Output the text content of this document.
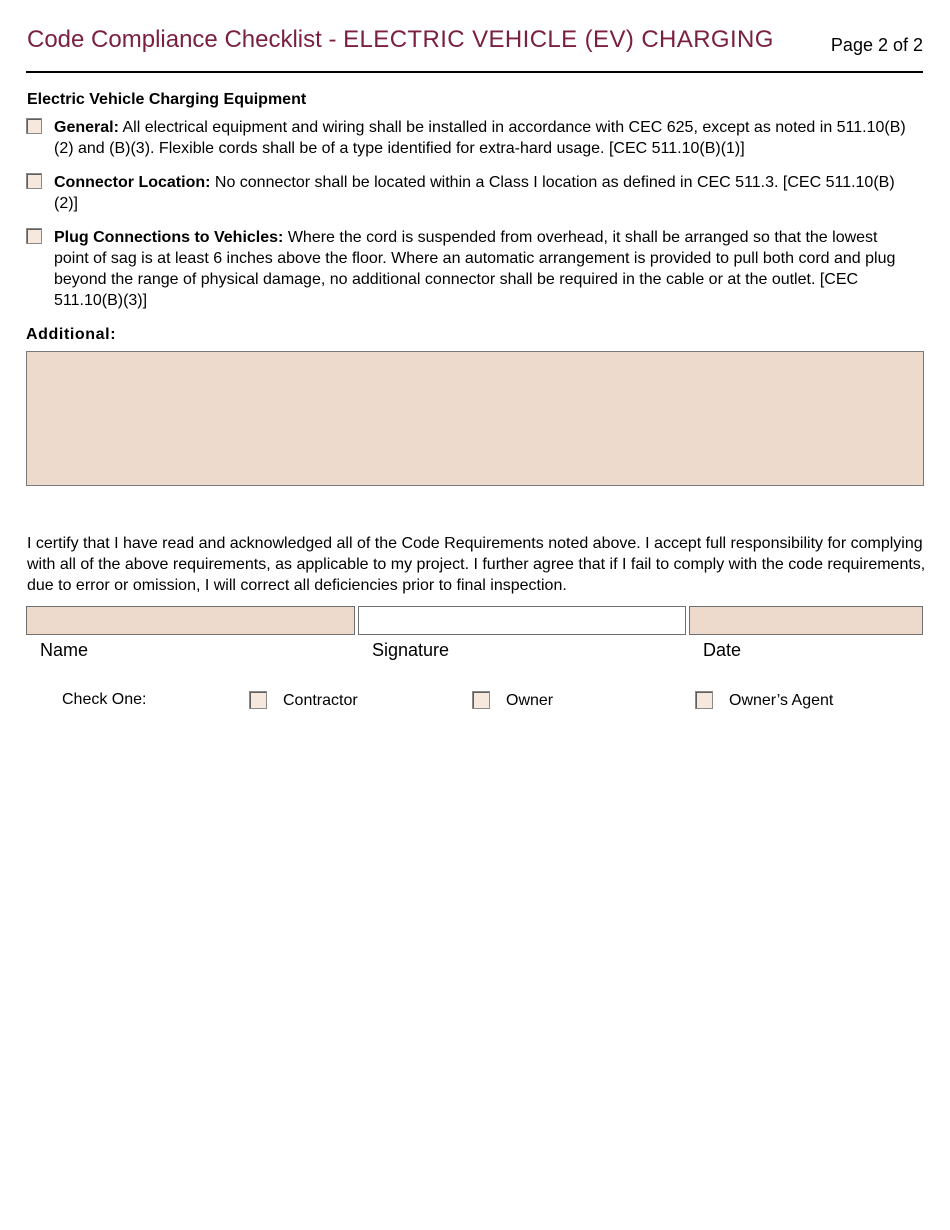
Code Compliance Checklist - ELECTRIC VEHICLE (EV) CHARGING	Page 2 of 2
Electric Vehicle Charging Equipment
General: All electrical equipment and wiring shall be installed in accordance with CEC 625, except as noted in 511.10(B)(2) and (B)(3). Flexible cords shall be of a type identified for extra-hard usage. [CEC 511.10(B)(1)]
Connector Location: No connector shall be located within a Class I location as defined in CEC 511.3. [CEC 511.10(B)(2)]
Plug Connections to Vehicles: Where the cord is suspended from overhead, it shall be arranged so that the lowest point of sag is at least 6 inches above the floor. Where an automatic arrangement is provided to pull both cord and plug beyond the range of physical damage, no additional connector shall be required in the cable or at the outlet. [CEC 511.10(B)(3)]
Additional:
I certify that I have read and acknowledged all of the Code Requirements noted above. I accept full responsibility for complying with all of the above requirements, as applicable to my project. I further agree that if I fail to comply with the code requirements, due to error or omission, I will correct all deficiencies prior to final inspection.
Name	Signature	Date
Check One:	Contractor	Owner	Owner’s Agent
